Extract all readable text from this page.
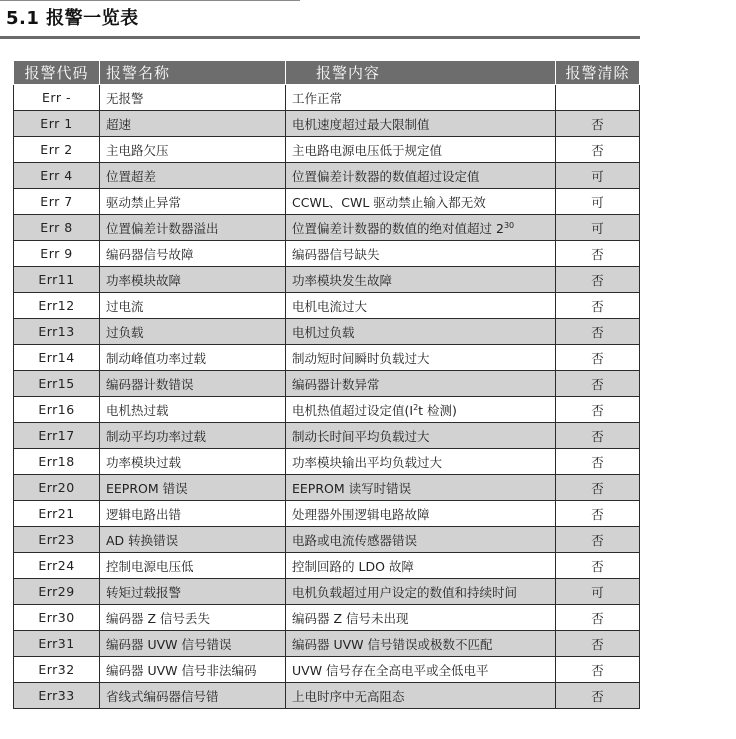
5.1 报警一览表
报警代码	报警名称	报警内容	报警清除
Err -	无报警	工作正常	
Err 1	超速	电机速度超过最大限制值	否
Err 2	主电路欠压	主电路电源电压低于规定值	否
Err 4	位置超差	位置偏差计数器的数值超过设定值	可
Err 7	驱动禁止异常	CCWL、CWL 驱动禁止输入都无效	可
Err 8	位置偏差计数器溢出	位置偏差计数器的数值的绝对值超过 $2^{30}$	可
Err 9	编码器信号故障	编码器信号缺失	否
Err11	功率模块故障	功率模块发生故障	否
Err12	过电流	电机电流过大	否
Err13	过负载	电机过负载	否
Err14	制动峰值功率过载	制动短时间瞬时负载过大	否
Err15	编码器计数错误	编码器计数异常	否
Err16	电机热过载	电机热值超过设定值($I^2t$ 检测)	否
Err17	制动平均功率过载	制动长时间平均负载过大	否
Err18	功率模块过载	功率模块输出平均负载过大	否
Err20	EEPROM 错误	EEPROM 读写时错误	否
Err21	逻辑电路出错	处理器外围逻辑电路故障	否
Err23	AD 转换错误	电路或电流传感器错误	否
Err24	控制电源电压低	控制回路的 LDO 故障	否
Err29	转矩过载报警	电机负载超过用户设定的数值和持续时间	可
Err30	编码器 Z 信号丢失	编码器 Z 信号未出现	否
Err31	编码器 UVW 信号错误	编码器 UVW 信号错误或极数不匹配	否
Err32	编码器 UVW 信号非法编码	UVW 信号存在全高电平或全低电平	否
Err33	省线式编码器信号错	上电时序中无高阻态	否
